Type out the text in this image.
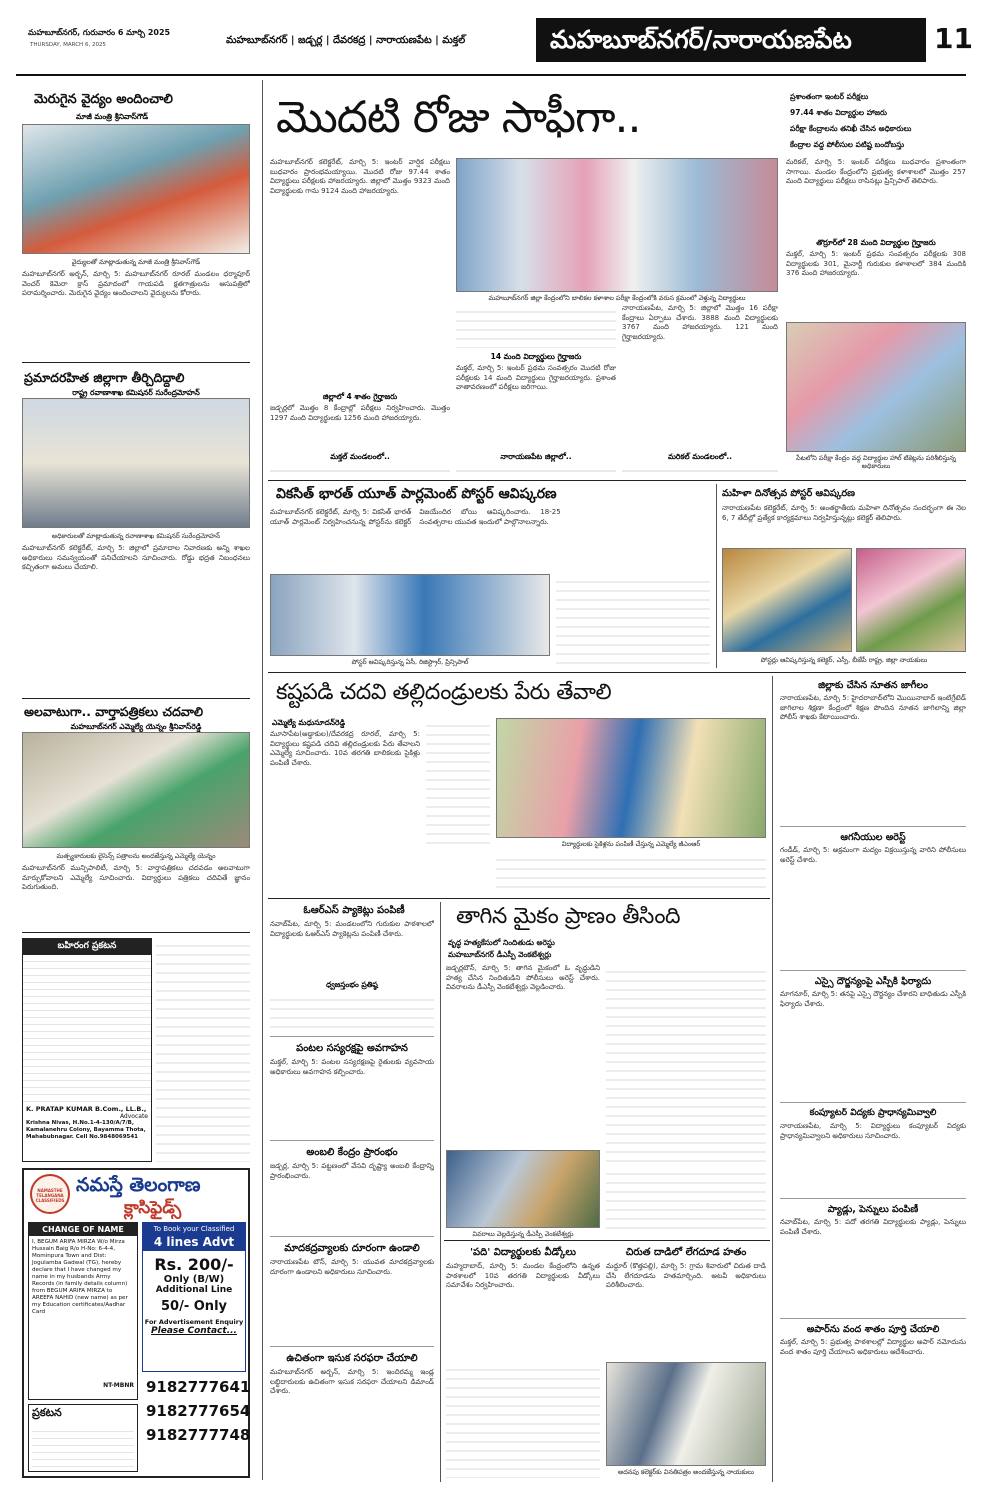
మహబూబ్‌నగర్, గురువారం 6 మార్చి 2025
THURSDAY, MARCH 6, 2025	మహబూబ్‌నగర్ | జడ్చర్ల | దేవరకద్ర | నారాయణపేట | మక్తల్	మహబూబ్‌నగర్/నారాయణపేట	11
మెరుగైన వైద్యం అందించాలి
మాజీ మంత్రి శ్రీనివాస్‌గౌడ్
వైద్యులతో మాట్లాడుతున్న మాజీ మంత్రి శ్రీనివాస్‌గౌడ్
మహబూబ్‌నగర్ అర్బన్, మార్చి 5: మహబూబ్‌నగర్ రూరల్ మండలం ధర్మాపూర్ వెంచర్ కెమెరా క్రాస్ ప్రమాదంలో గాయపడి క్షతగాత్రులను ఆసుపత్రిలో పరామర్శించారు. మెరుగైన వైద్యం అందించాలని వైద్యులను కోరారు.
ప్రమాదరహిత జిల్లాగా తీర్చిదిద్దాలి
రాష్ట్ర రవాణాశాఖ కమిషనర్ సురేంద్రమోహన్
అధికారులతో మాట్లాడుతున్న రవాణాశాఖ కమిషనర్ సురేంద్రమోహన్
మహబూబ్‌నగర్ కలెక్టరేట్, మార్చి 5: జిల్లాలో ప్రమాదాల నివారణకు అన్ని శాఖల అధికారులు సమన్వయంతో పనిచేయాలని సూచించారు. రోడ్డు భద్రత నిబంధనలు కచ్చితంగా అమలు చేయాలి.
అలవాటుగా.. వార్తాపత్రికలు చదవాలి
మహబూబ్‌నగర్ ఎమ్మెల్యే యెన్నం శ్రీనివాస్‌రెడ్డి
మత్స్యకారులకు లైసెన్స్‌ పత్రాలను అందజేస్తున్న ఎమ్మెల్యే యెన్నం
మహబూబ్‌నగర్ మున్సిపాలిటీ, మార్చి 5: వార్తాపత్రికలు చదవడం అలవాటుగా మార్చుకోవాలని ఎమ్మెల్యే సూచించారు. విద్యార్థులు పత్రికలు చదివితే జ్ఞానం పెరుగుతుంది.
బహిరంగ ప్రకటన
K. PRATAP KUMAR B.Com., LL.B.,
Advocate
Krishna Nivas, H.No.1-4-130/A/7/B, Kamalanehru Colony, Bayamma Thota, Mahabubnagar. Cell No.9848069541
NAMASTHE TELANGANA CLASSIFIEDS
నమస్తే తెలంగాణ
క్లాసిఫైడ్స్
CHANGE OF NAME
I, BEGUM ARIFA MIRZA W/o Mirza Hussain Baig R/o H-No: 6-4-4, Mominpura Town and Dist: Jogulamba Gadwal (TG), hereby declare that I have changed my name in my husbands Army Records (in family details column) from BEGUM ARIFA MIRZA to AREEFA NAHID (new name) as per my Education certificates/Aadhar Card
NT-MBNR
To Book your Classified
4 lines Advt
Rs. 200/-
Only (B/W)
Additional Line
50/- Only
For Advertisement Enquiry
Please Contact...
ప్రకటన
9182777641
9182777654
9182777748
మొదటి రోజు సాఫీగా..	ప్రశాంతంగా ఇంటర్ పరీక్షలు
97.44 శాతం విద్యార్థుల హాజరు
పరీక్షా కేంద్రాలను తనిఖీ చేసిన అధికారులు
కేంద్రాల వద్ద పోలీసుల పటిష్ట బందోబస్తు
మహబూబ్‌నగర్ కలెక్టరేట్, మార్చి 5: ఇంటర్ వార్షిక పరీక్షలు బుధవారం ప్రారంభమయ్యాయి. మొదటి రోజు 97.44 శాతం విద్యార్థులు పరీక్షలకు హాజరయ్యారు. జిల్లాలో మొత్తం 9323 మంది విద్యార్థులకు గాను 9124 మంది హాజరయ్యారు.
జిల్లాలో 4 శాతం గైర్హాజరు
జడ్చర్లలో మొత్తం 8 కేంద్రాల్లో పరీక్షలు నిర్వహించారు. మొత్తం 1297 మంది విద్యార్థులకు 1256 మంది హాజరయ్యారు.
మక్తల్ మండలంలో..
మహబూబ్‌నగర్ జిల్లా కేంద్రంలోని బాలికల కళాశాల పరీక్షా కేంద్రంలోకి వరుస క్రమంలో వెళ్తున్న విద్యార్థులు
14 మంది విద్యార్థులు గైర్హాజరు
మక్తల్, మార్చి 5: ఇంటర్ ప్రథమ సంవత్సరం మొదటి రోజు పరీక్షలకు 14 మంది విద్యార్థులు గైర్హాజరయ్యారు. ప్రశాంత వాతావరణంలో పరీక్షలు జరిగాయి.
నారాయణపేట జిల్లాలో..
నారాయణపేట, మార్చి 5: జిల్లాలో మొత్తం 16 పరీక్షా కేంద్రాలు ఏర్పాటు చేశారు. 3888 మంది విద్యార్థులకు 3767 మంది హాజరయ్యారు. 121 మంది గైర్హాజరయ్యారు.
మరికల్ మండలంలో..
మరికల్, మార్చి 5: ఇంటర్ పరీక్షలు బుధవారం ప్రశాంతంగా సాగాయి. మండల కేంద్రంలోని ప్రభుత్వ కళాశాలలో మొత్తం 257 మంది విద్యార్థులు పరీక్షలు రాసినట్లు ప్రిన్సిపాల్ తెలిపారు.
తొర్రూర్‌లో 28 మంది విద్యార్థుల గైర్హాజరు
మక్తల్, మార్చి 5: ఇంటర్ ప్రథమ సంవత్సరం పరీక్షలకు 308 విద్యార్థులకు 301, మైనార్టీ గురుకుల కళాశాలలో 384 మందికి 376 మంది హాజరయ్యారు.
పేటలోని పరీక్షా కేంద్రం వద్ద విద్యార్థుల హాల్ టికెట్లను పరిశీలిస్తున్న అధికారులు
వికసిత్ భారత్ యూత్ పార్లమెంట్ పోస్టర్ ఆవిష్కరణ
మహబూబ్‌నగర్ కలెక్టరేట్, మార్చి 5: వికసిత్ భారత్ యూత్ పార్లమెంట్ నిర్వహించనున్న పోస్టర్‌ను కలెక్టర్ విజయేందిర బోయి ఆవిష్కరించారు. 18-25 సంవత్సరాల యువత ఇందులో పాల్గొనాలన్నారు.
పోస్టర్ ఆవిష్కరిస్తున్న ఏసీ, రిజిస్ట్రార్, ప్రిన్సిపాల్
మహిళా దినోత్సవ పోస్టర్ ఆవిష్కరణ
నారాయణపేట కలెక్టరేట్, మార్చి 5: అంతర్జాతీయ మహిళా దినోత్సవం సందర్భంగా ఈ నెల 6, 7 తేదీల్లో ప్రత్యేక కార్యక్రమాలు నిర్వహిస్తున్నట్లు కలెక్టర్ తెలిపారు.
పోస్టర్లు ఆవిష్కరిస్తున్న కలెక్టర్, ఎస్పీ, బీజేపీ రాష్ట్ర, జిల్లా నాయకులు
కష్టపడి చదవి తల్లిదండ్రులకు పేరు తేవాలి
ఎమ్మెల్యే మధుసూదన్‌రెడ్డి
మూసాపేట(అడ్డాకుల)/దేవరకద్ర రూరల్, మార్చి 5: విద్యార్థులు కష్టపడి చదివి తల్లిదండ్రులకు పేరు తేవాలని ఎమ్మెల్యే సూచించారు. 10వ తరగతి బాలికలకు సైకిళ్లు పంపిణీ చేశారు.
విద్యార్థులకు సైకిళ్లను పంపిణీ చేస్తున్న ఎమ్మెల్యే జీఎంఆర్
ఓఆర్‌ఎస్ ప్యాకెట్లు పంపిణీ
నవాబ్‌పేట, మార్చి 5: మండలంలోని గురుకుల పాఠశాలలో విద్యార్థులకు ఓఆర్‌ఎస్ ప్యాకెట్లను పంపిణీ చేశారు.
ధ్వజస్తంభం ప్రతిష్ఠ
పంటల సస్యరక్షపై అవగాహన
మక్తల్, మార్చి 5: పంటల సస్యరక్షణపై రైతులకు వ్యవసాయ అధికారులు అవగాహన కల్పించారు.
అంబలి కేంద్రం ప్రారంభం
జడ్చర్ల, మార్చి 5: పట్టణంలో వేసవి దృష్ట్యా అంబలి కేంద్రాన్ని ప్రారంభించారు.
మాదకద్రవ్యాలకు దూరంగా ఉండాలి
నారాయణపేట టౌన్, మార్చి 5: యువత మాదకద్రవ్యాలకు దూరంగా ఉండాలని అధికారులు సూచించారు.
ఉచితంగా ఇసుక సరఫరా చేయాలి
మహబూబ్‌నగర్ అర్బన్, మార్చి 5: ఇందిరమ్మ ఇండ్ల లబ్ధిదారులకు ఉచితంగా ఇసుక సరఫరా చేయాలని డిమాండ్ చేశారు.
తాగిన మైకం ప్రాణం తీసింది
వృద్ధ హత్యకేసులో నిందితుడు అరెస్టు
మహబూబ్‌నగర్ డీఎస్పీ వెంకటేశ్వర్లు
జడ్చర్లటౌన్, మార్చి 5: తాగిన మైకంలో ఓ వృద్ధుడిని హత్య చేసిన నిందితుడిని పోలీసులు అరెస్ట్ చేశారు. వివరాలను డీఎస్పీ వెంకటేశ్వర్లు వెల్లడించారు.
వివరాలు వెల్లడిస్తున్న డీఎస్పీ వెంకటేశ్వర్లు
'పది' విద్యార్థులకు వీడ్కోలు
మహ్మదాబాద్, మార్చి 5: మండల కేంద్రంలోని ఉన్నత పాఠశాలలో 10వ తరగతి విద్యార్థులకు వీడ్కోలు సమావేశం నిర్వహించారు.
చిరుత దాడిలో లేగదూడ హతం
మద్దూర్ (కొత్తపల్లి), మార్చి 5: గ్రామ శివారులో చిరుత దాడి చేసి లేగదూడను హతమార్చింది. అటవీ అధికారులు పరిశీలించారు.
అదనపు కలెక్టర్‌కు వినతిపత్రం అందజేస్తున్న నాయకులు
జిల్లాకు చేసిన నూతన జాగీలం
నారాయణపేట, మార్చి 5: హైదరాబాద్‌లోని మొయినాబాద్ ఇంటిగ్రేటెడ్ జాగిలాల శిక్షణా కేంద్రంలో శిక్షణ పొందిన నూతన జాగిలాన్ని జిల్లా పోలీస్ శాఖకు కేటాయించారు.
ఆగనీయుల అరెస్ట్
గండీడ్, మార్చి 5: అక్రమంగా మద్యం విక్రయిస్తున్న వారిని పోలీసులు అరెస్ట్ చేశారు.
ఎస్సై దౌర్జన్యంపై ఎస్పీకి ఫిర్యాదు
మాగనూర్, మార్చి 5: తనపై ఎస్సై దౌర్జన్యం చేశారని బాధితుడు ఎస్పీకి ఫిర్యాదు చేశారు.
కంప్యూటర్ విద్యకు ప్రాధాన్యమివ్వాలి
నారాయణపేట, మార్చి 5: విద్యార్థులు కంప్యూటర్ విద్యకు ప్రాధాన్యమివ్వాలని అధికారులు సూచించారు.
ప్యాడ్లు, పెన్నులు పంపిణీ
నవాబ్‌పేట, మార్చి 5: పదో తరగతి విద్యార్థులకు ప్యాడ్లు, పెన్నులు పంపిణీ చేశారు.
అపార్‌ను వంద శాతం పూర్తి చేయాలి
మక్తల్, మార్చి 5: ప్రభుత్వ పాఠశాలల్లో విద్యార్థుల అపార్ నమోదును వంద శాతం పూర్తి చేయాలని అధికారులు ఆదేశించారు.
